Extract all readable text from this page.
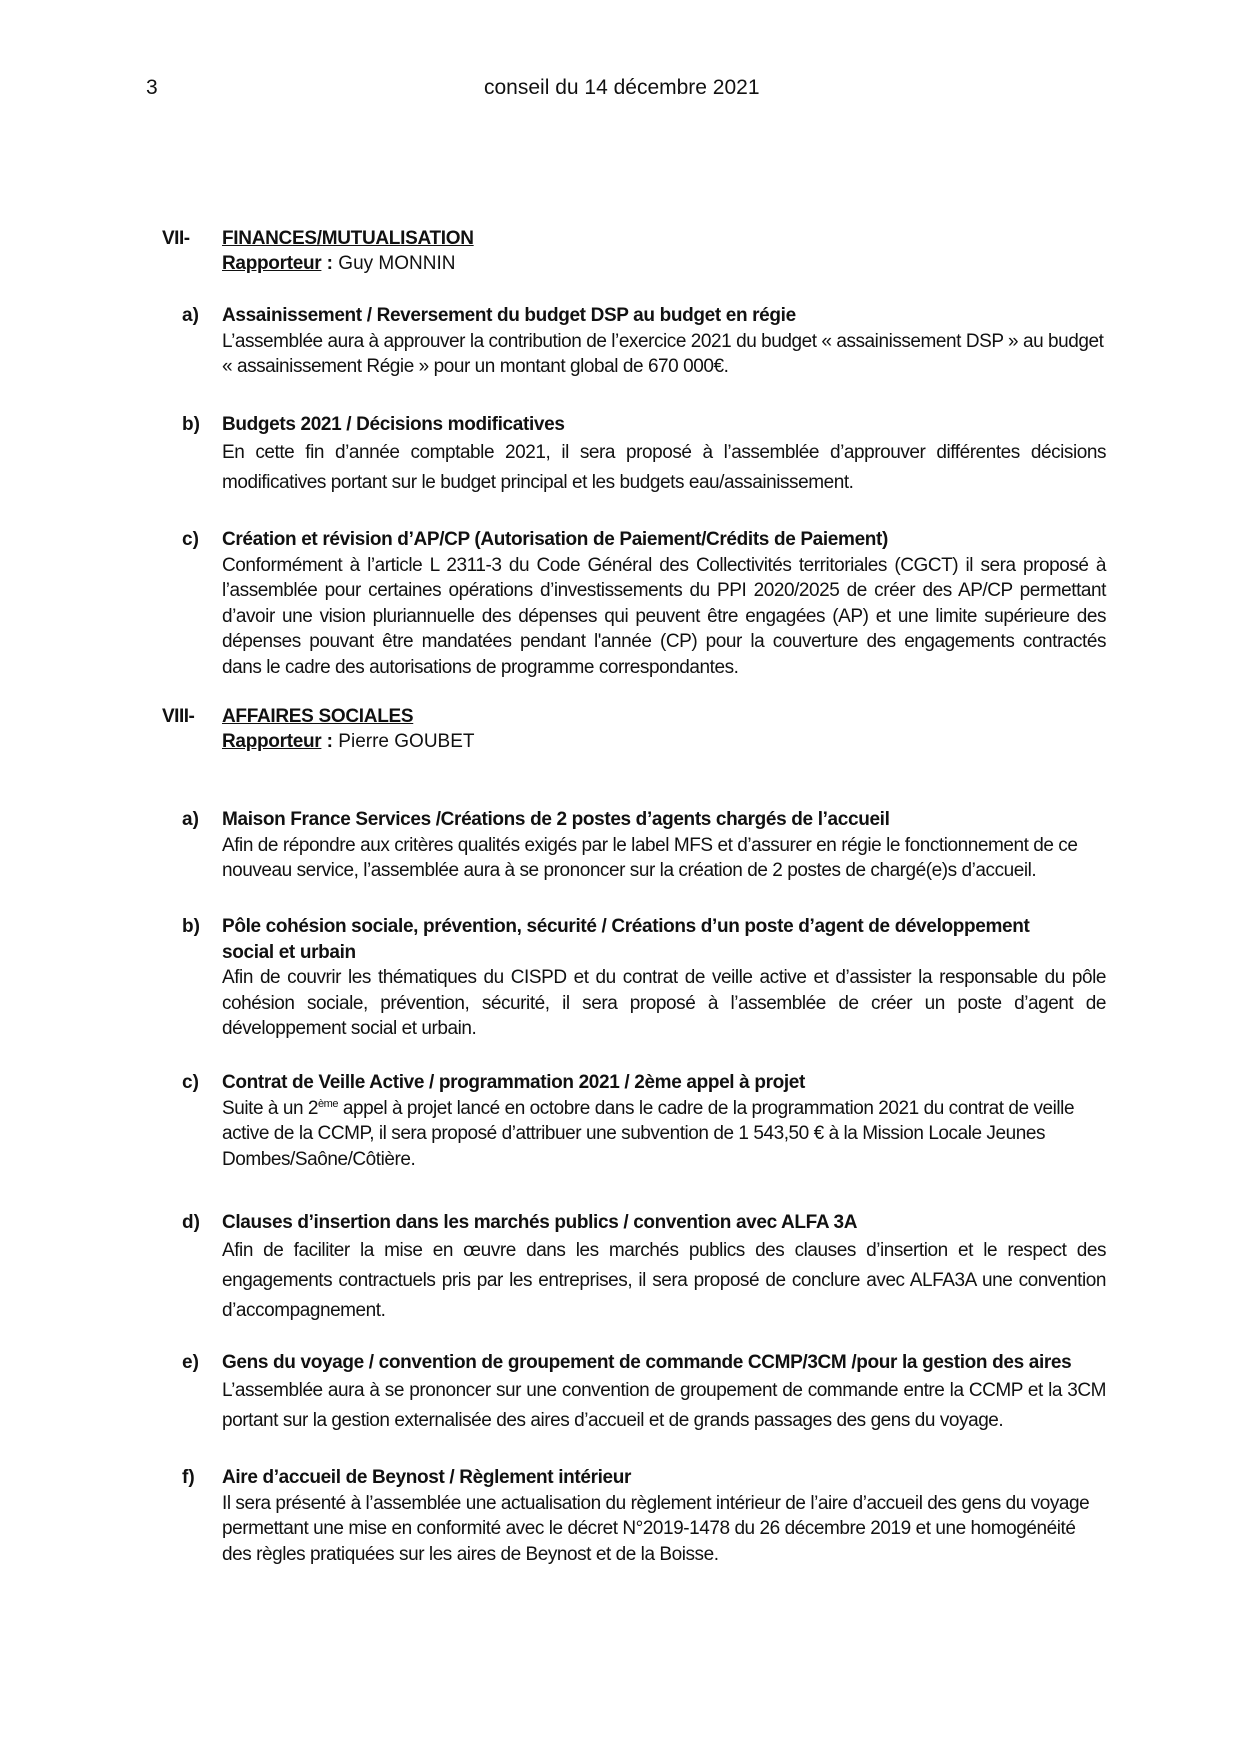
3	conseil du 14 décembre 2021
VII- FINANCES/MUTUALISATION
Rapporteur : Guy MONNIN
a) Assainissement / Reversement du budget DSP au budget en régie
L’assemblée aura à approuver la contribution de l’exercice 2021 du budget « assainissement DSP » au budget « assainissement Régie » pour un montant global de 670 000€.
b) Budgets 2021 / Décisions modificatives
En cette fin d’année comptable 2021, il sera proposé à l’assemblée d’approuver différentes décisions modificatives portant sur le budget principal et les budgets eau/assainissement.
c) Création et révision d’AP/CP (Autorisation de Paiement/Crédits de Paiement)
Conformément à l’article L 2311-3 du Code Général des Collectivités territoriales (CGCT) il sera proposé à l’assemblée pour certaines opérations d’investissements du PPI 2020/2025 de créer des AP/CP permettant d’avoir une vision pluriannuelle des dépenses qui peuvent être engagées (AP) et une limite supérieure des dépenses pouvant être mandatées pendant l'année (CP) pour la couverture des engagements contractés dans le cadre des autorisations de programme correspondantes.
VIII- AFFAIRES SOCIALES
Rapporteur : Pierre GOUBET
a) Maison France Services /Créations de 2 postes d’agents chargés de l’accueil
Afin de répondre aux critères qualités exigés par le label MFS et d’assurer en régie le fonctionnement de ce nouveau service, l’assemblée aura à se prononcer sur la création de 2 postes de chargé(e)s d’accueil.
b) Pôle cohésion sociale, prévention, sécurité / Créations d’un poste d’agent de développement social et urbain
Afin de couvrir les thématiques du CISPD et du contrat de veille active et d’assister la responsable du pôle cohésion sociale, prévention, sécurité, il sera proposé à l’assemblée de créer un poste d’agent de développement social et urbain.
c) Contrat de Veille Active / programmation 2021 / 2ème appel à projet
Suite à un 2ème appel à projet lancé en octobre dans le cadre de la programmation 2021 du contrat de veille active de la CCMP, il sera proposé d’attribuer une subvention de 1 543,50 € à la Mission Locale Jeunes Dombes/Saône/Côtière.
d) Clauses d’insertion dans les marchés publics / convention avec ALFA 3A
Afin de faciliter la mise en œuvre dans les marchés publics des clauses d’insertion et le respect des engagements contractuels pris par les entreprises, il sera proposé de conclure avec ALFA3A une convention d’accompagnement.
e) Gens du voyage / convention de groupement de commande CCMP/3CM /pour la gestion des aires
L’assemblée aura à se prononcer sur une convention de groupement de commande entre la CCMP et la 3CM portant sur la gestion externalisée des aires d’accueil et de grands passages des gens du voyage.
f) Aire d’accueil de Beynost / Règlement intérieur
Il sera présenté à l’assemblée une actualisation du règlement intérieur de l’aire d’accueil des gens du voyage permettant une mise en conformité avec le décret N°2019-1478 du 26 décembre 2019 et une homogénéité des règles pratiquées sur les aires de Beynost et de la Boisse.
